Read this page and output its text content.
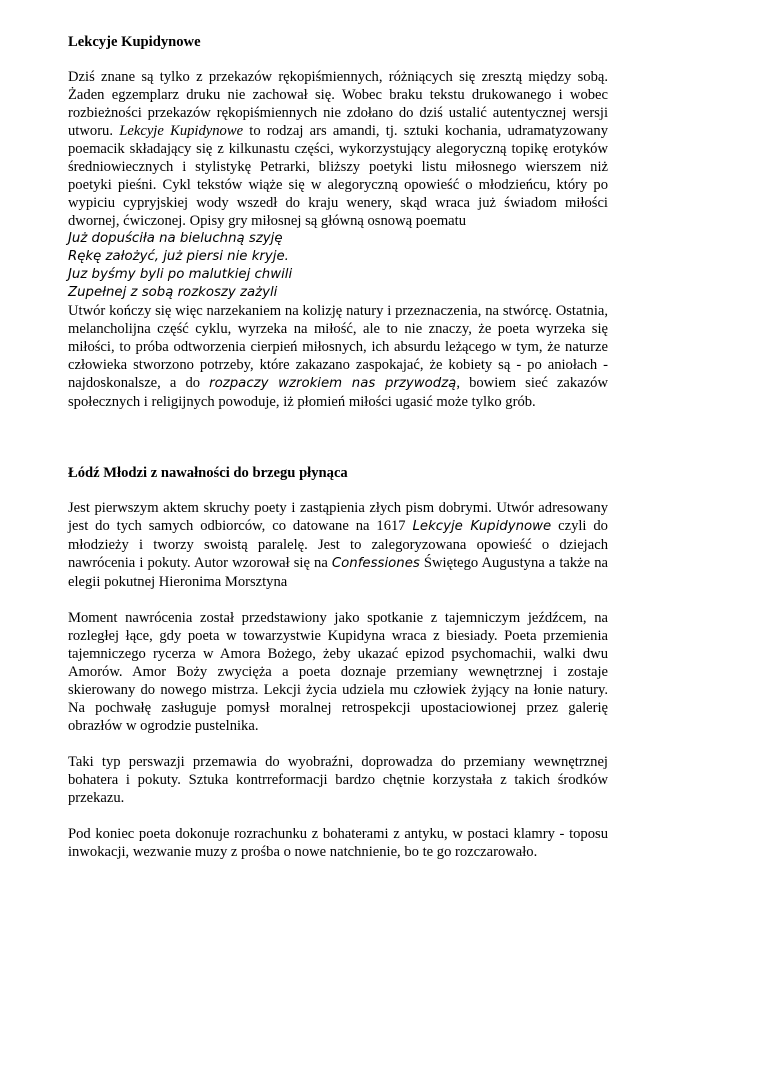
Lekcyje Kupidynowe

Dziś znane są tylko z przekazów rękopiśmiennych, różniących się zresztą między sobą. Żaden egzemplarz druku nie zachował się. Wobec braku tekstu drukowanego i wobec rozbieżności przekazów rękopiśmiennych nie zdołano do dziś ustalić autentycznej wersji utworu. Lekcyje Kupidynowe to rodzaj ars amandi, tj. sztuki kochania, udramatyzowany poemacik składający się z kilkunastu części, wykorzystujący alegoryczną topikę erotyków średniowiecznych i stylistykę Petrarki, bliższy poetyki listu miłosnego wierszem niż poetyki pieśni. Cykl tekstów wiąże się w alegoryczną opowieść o młodzieńcu, który po wypiciu cypryjskiej wody wszedł do kraju wenery, skąd wraca już świadom miłości dwornej, ćwiczonej. Opisy gry miłosnej są główną osnową poematu

Już dopuściła na bieluchną szyję
Rękę założyć, już piersi nie kryje.
Juz byśmy byli po malutkiej chwili
Zupełnej z sobą rozkoszy zażyli

Utwór kończy się więc narzekaniem na kolizję natury i przeznaczenia, na stwórcę. Ostatnia, melancholijna część cyklu, wyrzeka na miłość, ale to nie znaczy, że poeta wyrzeka się miłości, to próba odtworzenia cierpień miłosnych, ich absurdu leżącego w tym, że naturze człowieka stworzono potrzeby, które zakazano zaspokajać, że kobiety są - po aniołach - najdoskonalsze, a do rozpaczy wzrokiem nas przywodzą, bowiem sieć zakazów społecznych i religijnych powoduje, iż płomień miłości ugasić może tylko grób.

Łódź Młodzi z nawałności do brzegu płynąca

Jest pierwszym aktem skruchy poety i zastąpienia złych pism dobrymi. Utwór adresowany jest do tych samych odbiorców, co datowane na 1617 Lekcyje Kupidynowe czyli do młodzieży i tworzy swoistą paralelę. Jest to zalegoryzowana opowieść o dziejach nawrócenia i pokuty. Autor wzorował się na Confessiones Świętego Augustyna a także na elegii pokutnej Hieronima Morsztyna

Moment nawrócenia został przedstawiony jako spotkanie z tajemniczym jeźdźcem, na rozległej łące, gdy poeta w towarzystwie Kupidyna wraca z biesiady. Poeta przemienia tajemniczego rycerza w Amora Bożego, żeby ukazać epizod psychomachii, walki dwu Amorów. Amor Boży zwycięża a poeta doznaje przemiany wewnętrznej i zostaje skierowany do nowego mistrza. Lekcji życia udziela mu człowiek żyjący na łonie natury. Na pochwałę zasługuje pomysł moralnej retrospekcji upostaciowionej przez galerię obrazłów w ogrodzie pustelnika.

Taki typ perswazji przemawia do wyobraźni, doprowadza do przemiany wewnętrznej bohatera i pokuty. Sztuka kontrreformacji bardzo chętnie korzystała z takich środków przekazu.

Pod koniec poeta dokonuje rozrachunku z bohaterami z antyku, w postaci klamry - toposu inwokacji, wezwanie muzy z prośba o nowe natchnienie, bo te go rozczarowało.
